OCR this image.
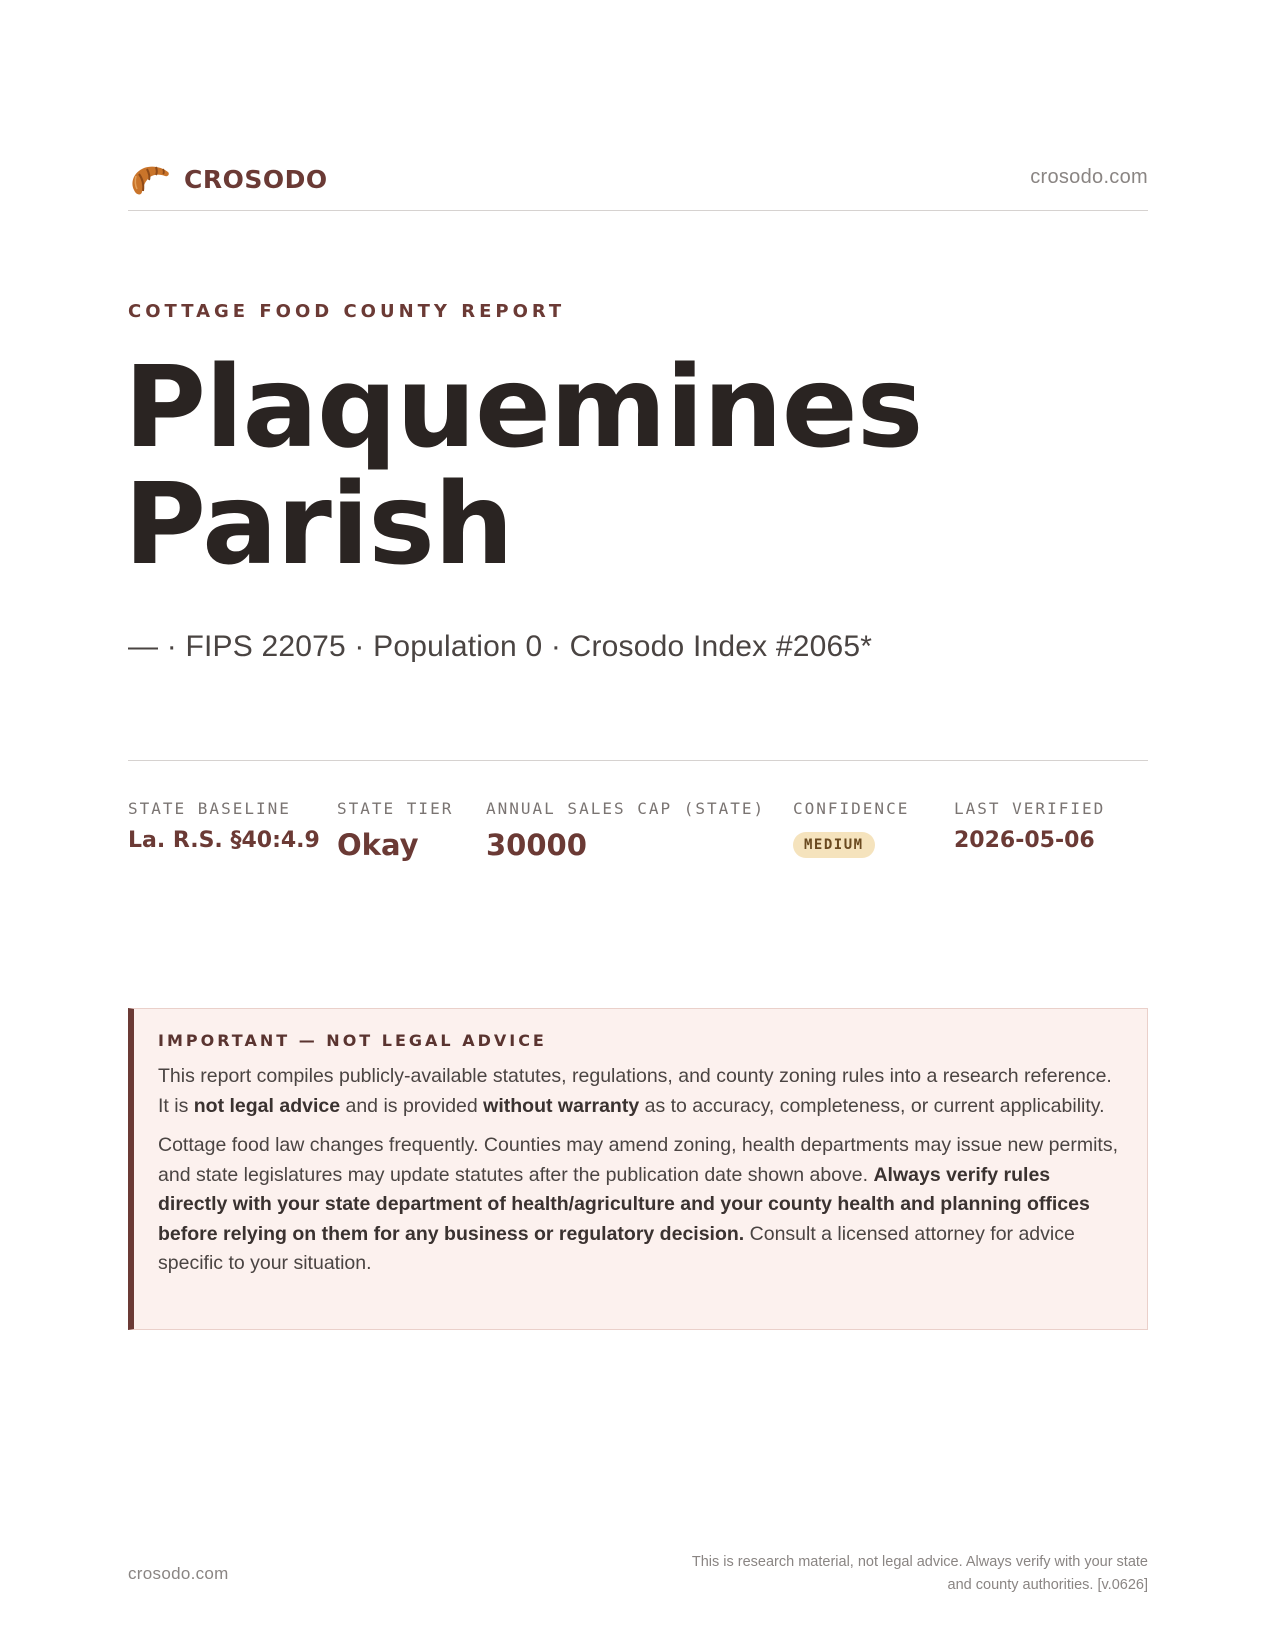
CROSODO	crosodo.com
COTTAGE FOOD COUNTY REPORT
Plaquemines
Parish
— · FIPS 22075 · Population 0 · Crosodo Index #2065*
STATE BASELINE
La. R.S. §40:4.9
STATE TIER
Okay
ANNUAL SALES CAP (STATE)
30000
CONFIDENCE
MEDIUM
LAST VERIFIED
2026-05-06
IMPORTANT — NOT LEGAL ADVICE

This report compiles publicly-available statutes, regulations, and county zoning rules into a research reference. It is not legal advice and is provided without warranty as to accuracy, completeness, or current applicability.

Cottage food law changes frequently. Counties may amend zoning, health departments may issue new permits, and state legislatures may update statutes after the publication date shown above. Always verify rules directly with your state department of health/agriculture and your county health and planning offices before relying on them for any business or regulatory decision. Consult a licensed attorney for advice specific to your situation.

crosodo.com
This is research material, not legal advice. Always verify with your state
and county authorities. [v.0626]
